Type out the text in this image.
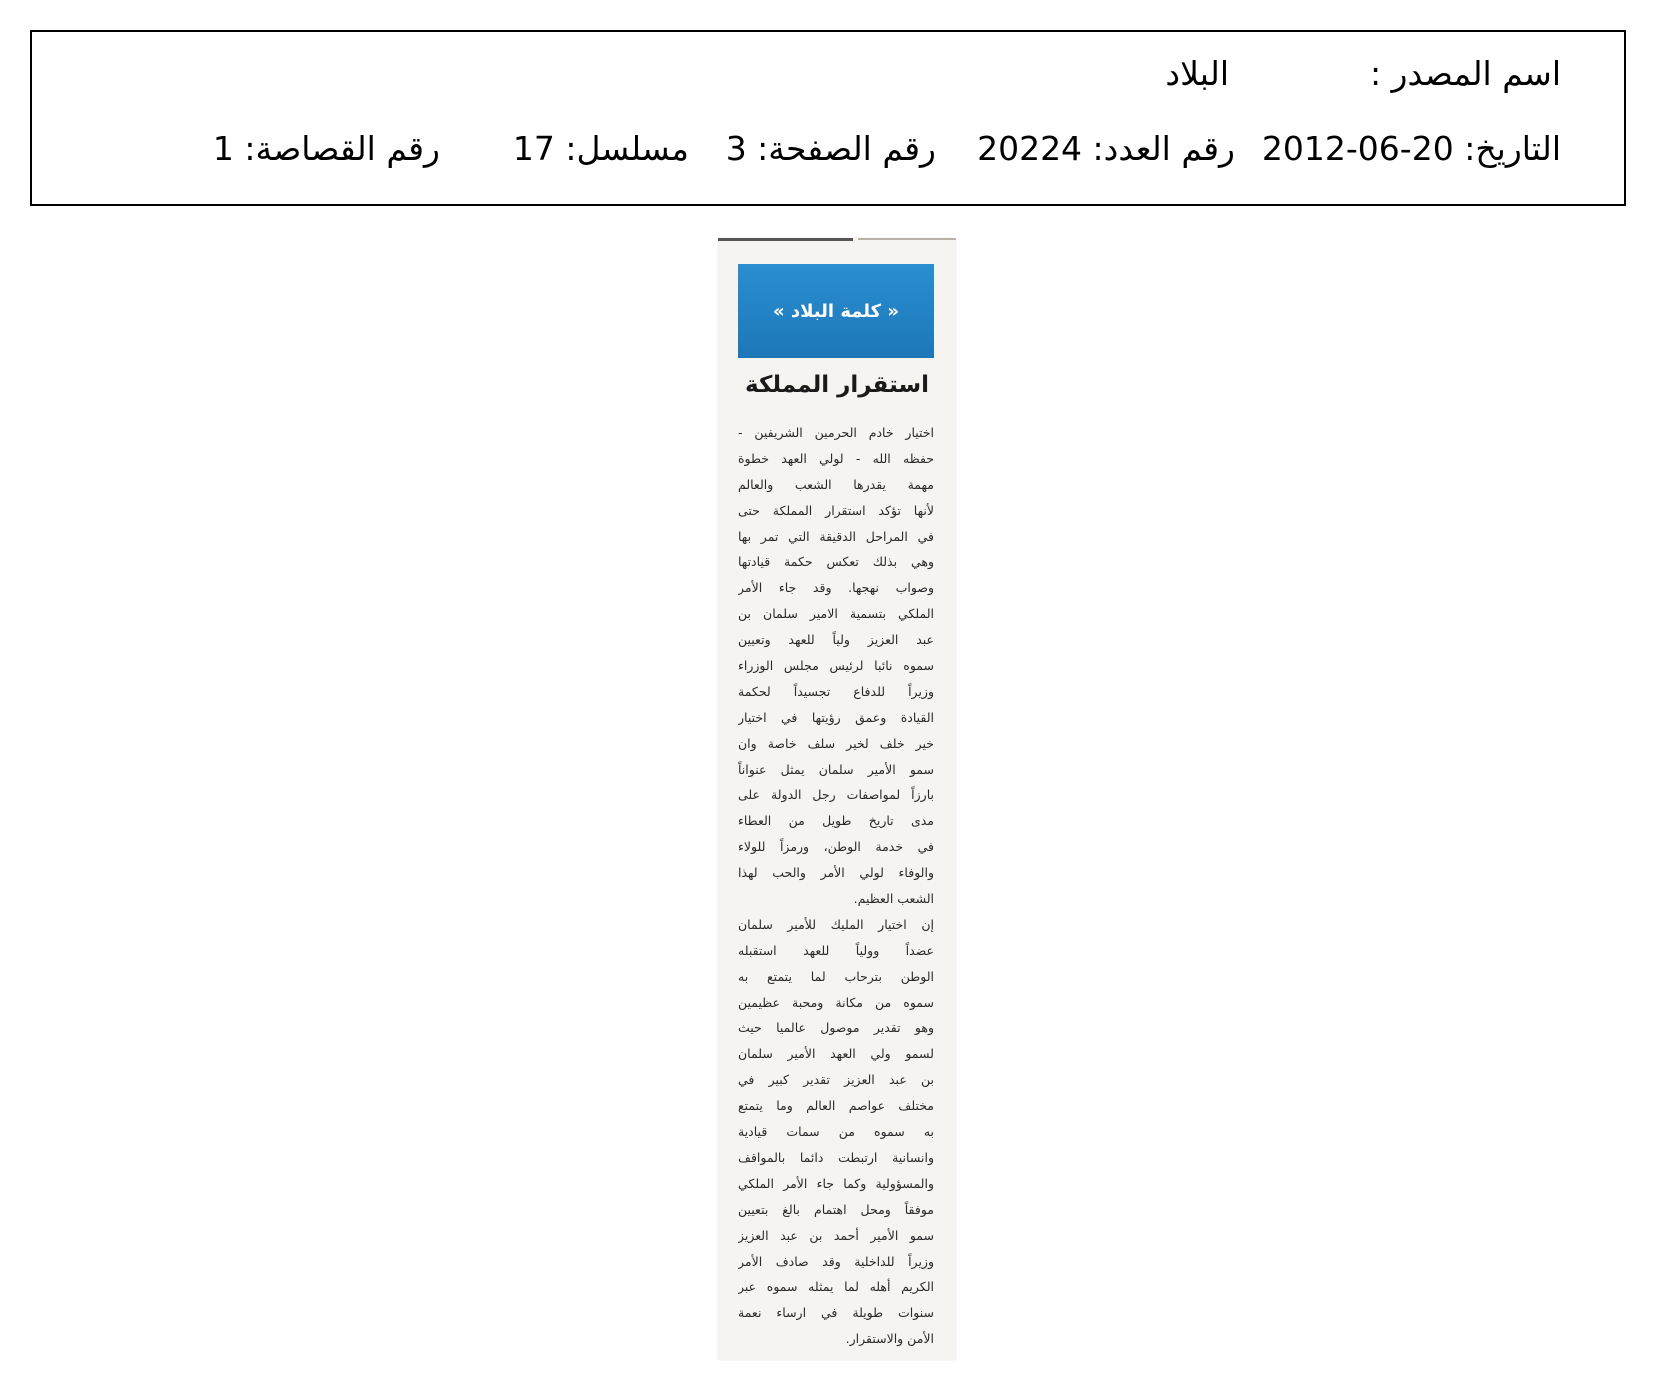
اسم المصدر :
البلاد
التاريخ: 20-06-2012
رقم العدد: 20224
رقم الصفحة: 3
مسلسل: 17
رقم القصاصة: 1
« كلمة البلاد »
استقرار المملكة
اختيار خادم الحرمين الشريفين -
حفظه الله - لولي العهد خطوة
مهمة يقدرها الشعب والعالم
لأنها تؤكد استقرار المملكة حتى
في المراحل الدقيقة التي تمر بها
وهي بذلك تعكس حكمة قيادتها
وصواب نهجها. وقد جاء الأمر
الملكي بتسمية الامير سلمان بن
عبد العزيز ولياً للعهد وتعيين
سموه نائبا لرئيس مجلس الوزراء
وزيراً للدفاع تجسيداً لحكمة
القيادة وعمق رؤيتها في اختيار
خير خلف لخير سلف خاصة وان
سمو الأمير سلمان يمثل عنواناً
بارزاً لمواصفات رجل الدولة على
مدى تاريخ طويل من العطاء
في خدمة الوطن، ورمزاً للولاء
والوفاء لولي الأمر والحب لهذا
الشعب العظيم.
إن اختيار المليك للأمير سلمان
عضداً وولياً للعهد استقبله
الوطن بترحاب لما يتمتع به
سموه من مكانة ومحبة عظيمين
وهو تقدير موصول عالميا حيث
لسمو ولي العهد الأمير سلمان
بن عبد العزيز تقدير كبير في
مختلف عواصم العالم وما يتمتع
به سموه من سمات قيادية
وانسانية ارتبطت دائما بالمواقف
والمسؤولية وكما جاء الأمر الملكي
موفقاً ومحل اهتمام بالغ بتعيين
سمو الأمير أحمد بن عبد العزيز
وزيراً للداخلية وقد صادف الأمر
الكريم أهله لما يمثله سموه عبر
سنوات طويلة في ارساء نعمة
الأمن والاستقرار.
